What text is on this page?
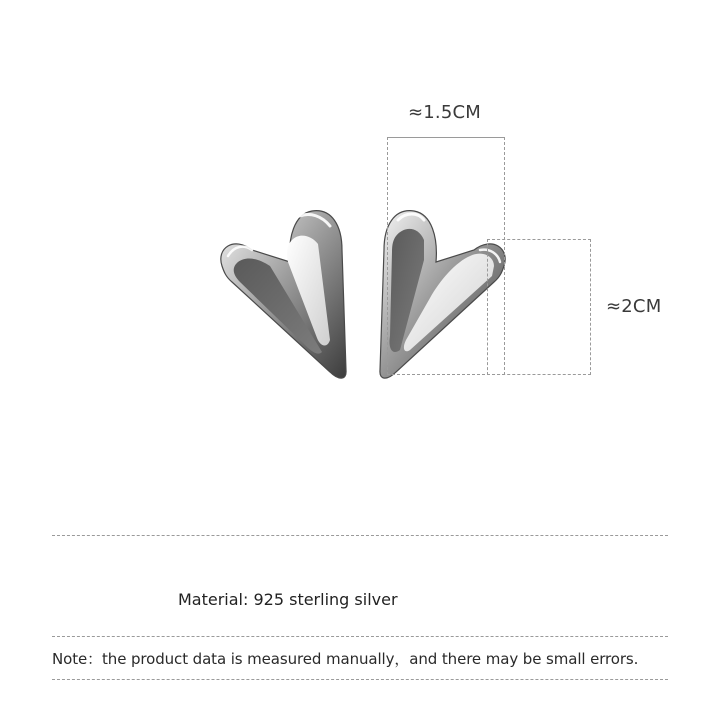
≈1.5CM
≈2CM
Material: 925 sterling silver
Note：the product data is measured manually，and there may be small errors.
